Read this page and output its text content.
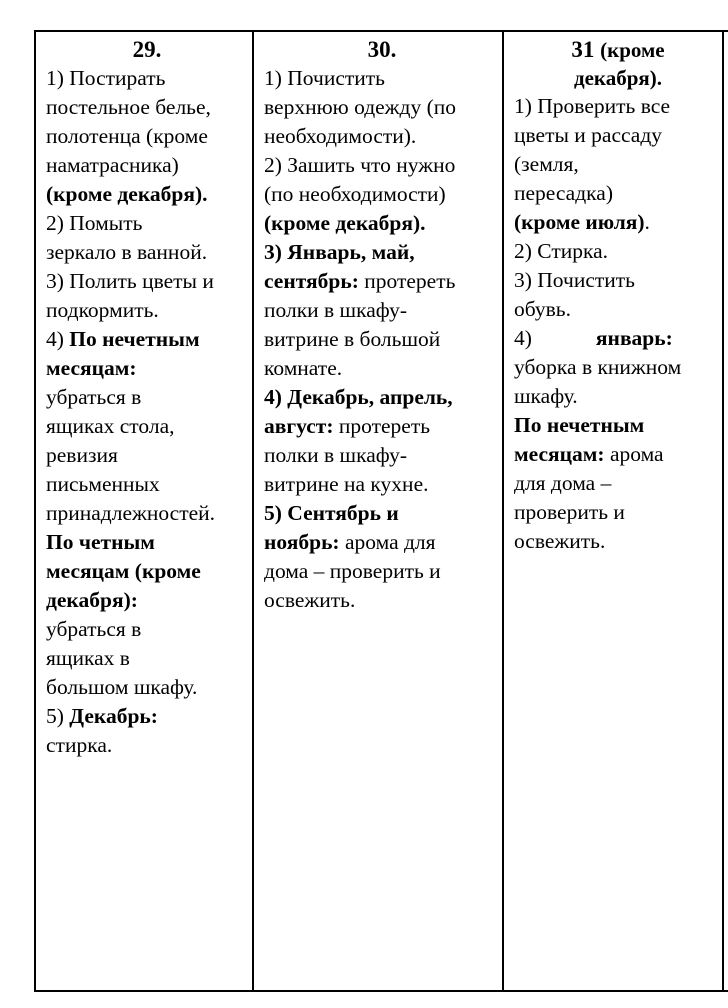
29.
1) Постирать
постельное белье,
полотенца (кроме
наматрасника)
(кроме декабря).
2) Помыть
зеркало в ванной.
3) Полить цветы и
подкормить.
4) По нечетным
месяцам:
убраться в
ящиках стола,
ревизия
письменных
принадлежностей.
По четным
месяцам (кроме
декабря):
убраться в
ящиках в
большом шкафу.
5) Декабрь:
стирка.
30.
1) Почистить
верхнюю одежду (по
необходимости).
2) Зашить что нужно
(по необходимости)
(кроме декабря).
3) Январь, май,
сентябрь: протереть
полки в шкафу-
витрине в большой
комнате.
4) Декабрь, апрель,
август: протереть
полки в шкафу-
витрине на кухне.
5) Сентябрь и
ноябрь: арома для
дома – проверить и
освежить.
31 (кроме
декабря).
1) Проверить все
цветы и рассаду
(земля,
пересадка)
(кроме июля).
2) Стирка.
3) Почистить
обувь.
4)	январь:
уборка в книжном
шкафу.
По нечетным
месяцам: арома
для дома –
проверить и
освежить.
